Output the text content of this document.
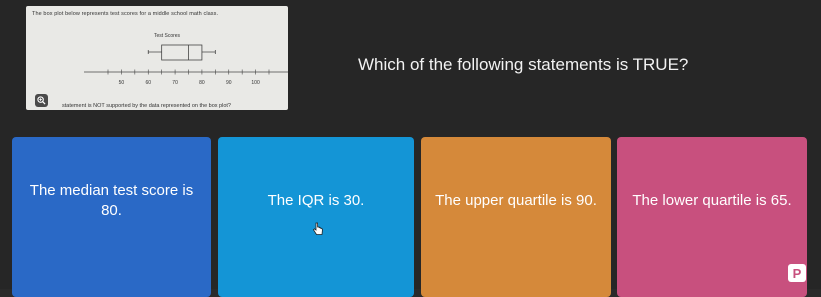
The box plot below represents test scores for a middle school math class.
Test Scores
50	60	70	80	90	100
statement is NOT supported by the data represented on the box plot?
Which of the following statements is TRUE?
The median test score is 80.
The IQR is 30.	The upper quartile is 90. The lower quartile is 65.
P
